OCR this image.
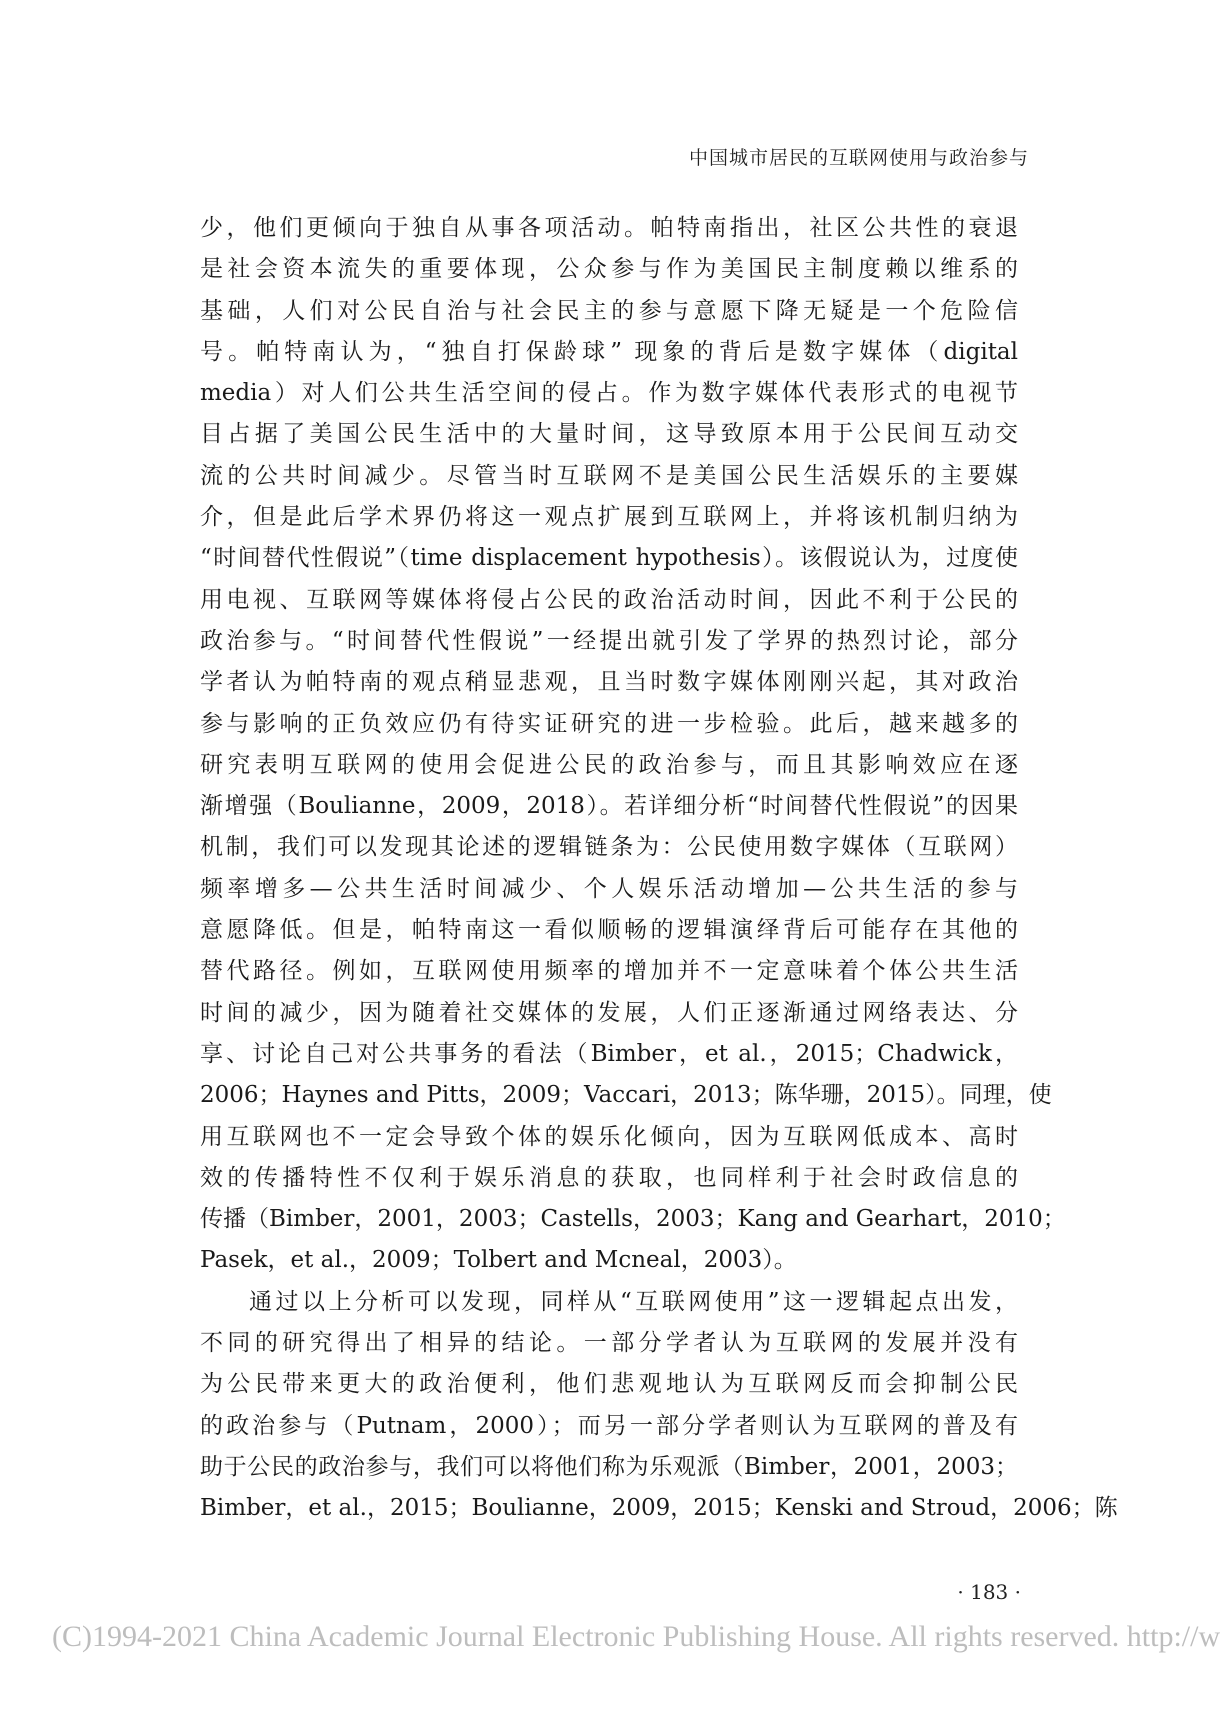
中国城市居民的互联网使用与政治参与
少，他们更倾向于独自从事各项活动。帕特南指出，社区公共性的衰退
是社会资本流失的重要体现，公众参与作为美国民主制度赖以维系的
基础，人们对公民自治与社会民主的参与意愿下降无疑是一个危险信
号。帕特南认为，“独自打保龄球” 现象的背后是数字媒体（digital
media）对人们公共生活空间的侵占。作为数字媒体代表形式的电视节
目占据了美国公民生活中的大量时间，这导致原本用于公民间互动交
流的公共时间减少。尽管当时互联网不是美国公民生活娱乐的主要媒
介，但是此后学术界仍将这一观点扩展到互联网上，并将该机制归纳为
“时间替代性假说”（time displacement hypothesis）。该假说认为，过度使
用电视、互联网等媒体将侵占公民的政治活动时间，因此不利于公民的
政治参与。“时间替代性假说”一经提出就引发了学界的热烈讨论，部分
学者认为帕特南的观点稍显悲观，且当时数字媒体刚刚兴起，其对政治
参与影响的正负效应仍有待实证研究的进一步检验。此后，越来越多的
研究表明互联网的使用会促进公民的政治参与，而且其影响效应在逐
渐增强（Boulianne，2009，2018）。若详细分析“时间替代性假说”的因果
机制，我们可以发现其论述的逻辑链条为：公民使用数字媒体（互联网）
频率增多—公共生活时间减少、个人娱乐活动增加—公共生活的参与
意愿降低。但是，帕特南这一看似顺畅的逻辑演绎背后可能存在其他的
替代路径。例如，互联网使用频率的增加并不一定意味着个体公共生活
时间的减少，因为随着社交媒体的发展，人们正逐渐通过网络表达、分
享、讨论自己对公共事务的看法（Bimber，et al.，2015；Chadwick，
2006；Haynes and Pitts，2009；Vaccari，2013；陈华珊，2015）。同理，使
用互联网也不一定会导致个体的娱乐化倾向，因为互联网低成本、高时
效的传播特性不仅利于娱乐消息的获取，也同样利于社会时政信息的
传播（Bimber，2001，2003；Castells，2003；Kang and Gearhart，2010；
Pasek，et al.，2009；Tolbert and Mcneal，2003）。
通过以上分析可以发现，同样从“互联网使用”这一逻辑起点出发，
不同的研究得出了相异的结论。一部分学者认为互联网的发展并没有
为公民带来更大的政治便利，他们悲观地认为互联网反而会抑制公民
的政治参与（Putnam，2000）；而另一部分学者则认为互联网的普及有
助于公民的政治参与，我们可以将他们称为乐观派（Bimber，2001，2003；
Bimber，et al.，2015；Boulianne，2009，2015；Kenski and Stroud，2006；陈
· 183 ·
(C)1994-2021 China Academic Journal Electronic Publishing House. All rights reserved. http://w
